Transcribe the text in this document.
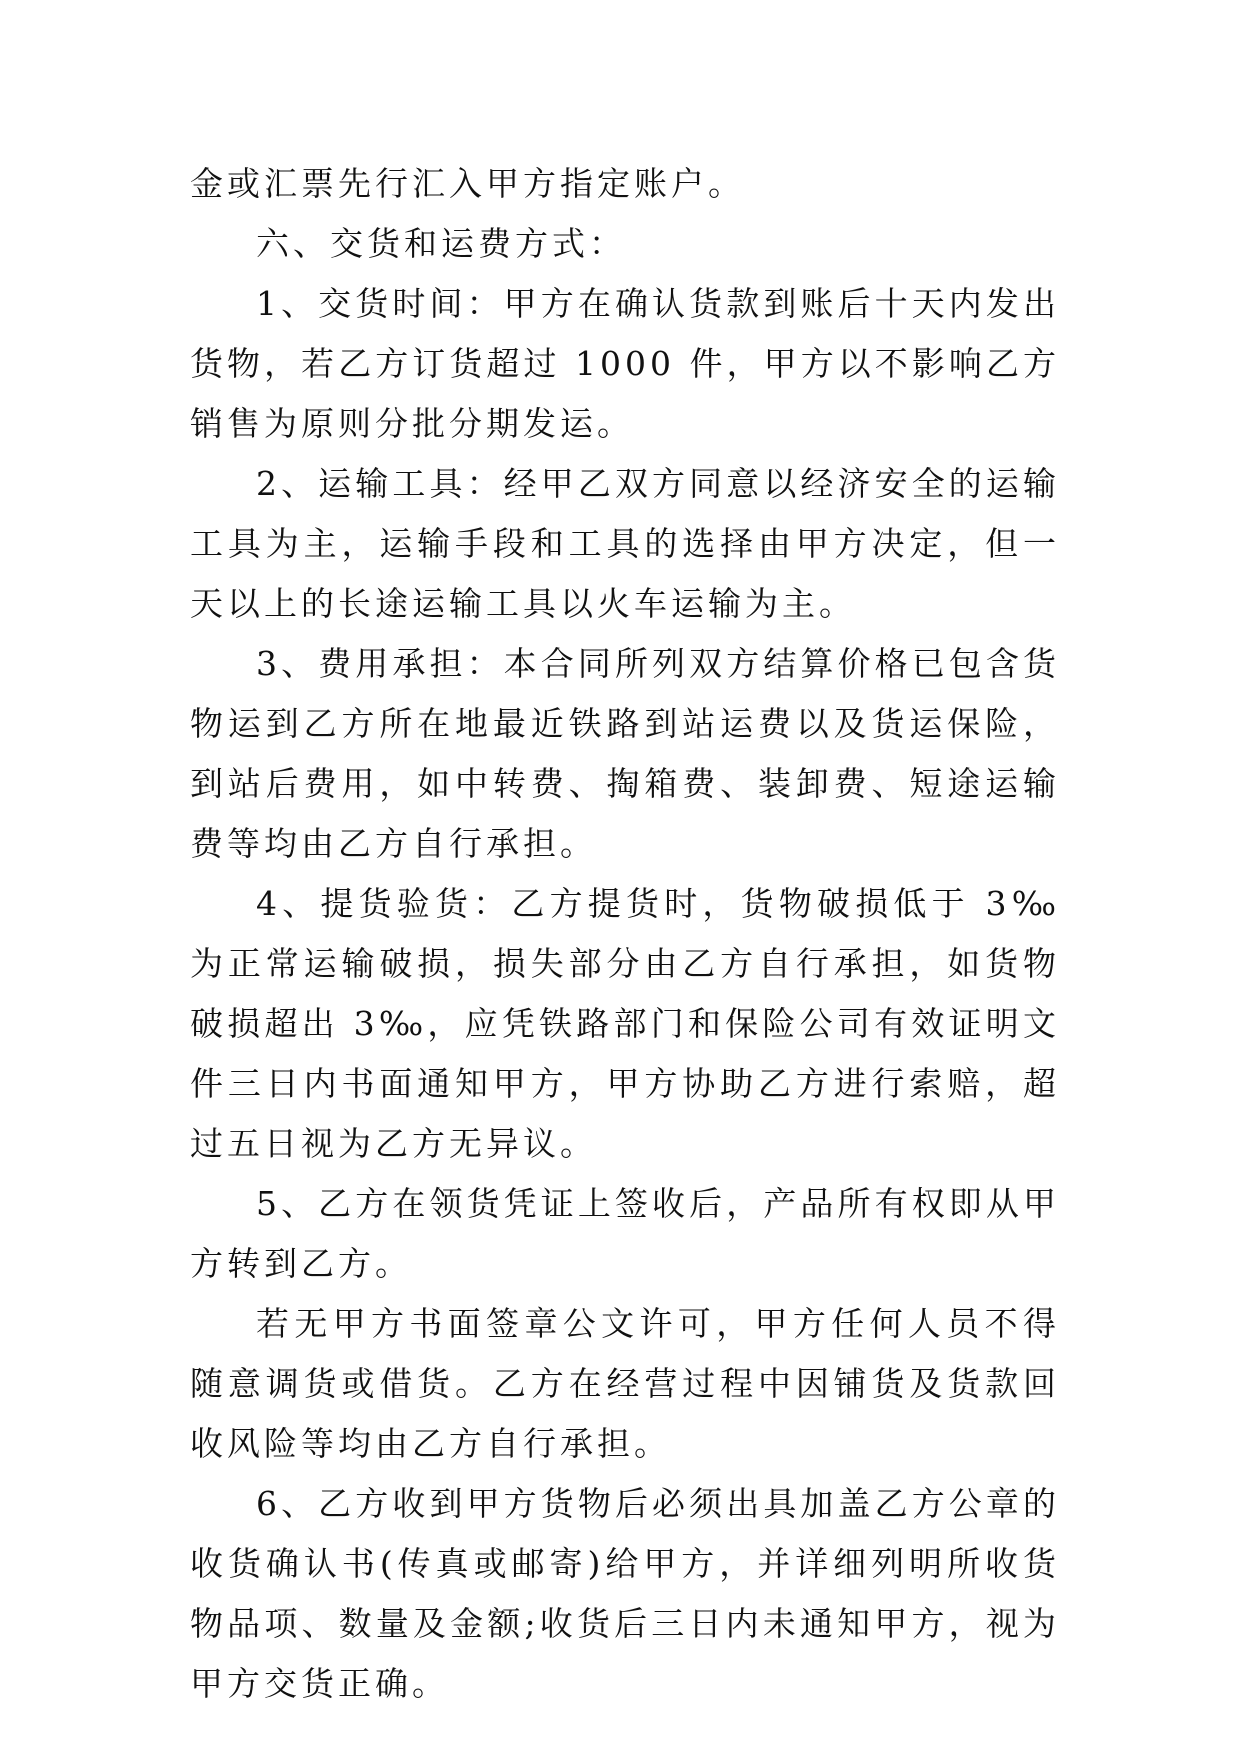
金或汇票先行汇入甲方指定账户。

六、交货和运费方式：

1、交货时间：甲方在确认货款到账后十天内发出货物，若乙方订货超过 1000 件，甲方以不影响乙方销售为原则分批分期发运。

2、运输工具：经甲乙双方同意以经济安全的运输工具为主，运输手段和工具的选择由甲方决定，但一天以上的长途运输工具以火车运输为主。

3、费用承担：本合同所列双方结算价格已包含货物运到乙方所在地最近铁路到站运费以及货运保险，到站后费用，如中转费、掏箱费、装卸费、短途运输费等均由乙方自行承担。

4、提货验货：乙方提货时，货物破损低于 3‰为正常运输破损，损失部分由乙方自行承担，如货物破损超出 3‰，应凭铁路部门和保险公司有效证明文件三日内书面通知甲方，甲方协助乙方进行索赔，超过五日视为乙方无异议。

5、乙方在领货凭证上签收后，产品所有权即从甲方转到乙方。

若无甲方书面签章公文许可，甲方任何人员不得随意调货或借货。乙方在经营过程中因铺货及货款回收风险等均由乙方自行承担。

6、乙方收到甲方货物后必须出具加盖乙方公章的收货确认书(传真或邮寄)给甲方，并详细列明所收货物品项、数量及金额;收货后三日内未通知甲方，视为甲方交货正确。
